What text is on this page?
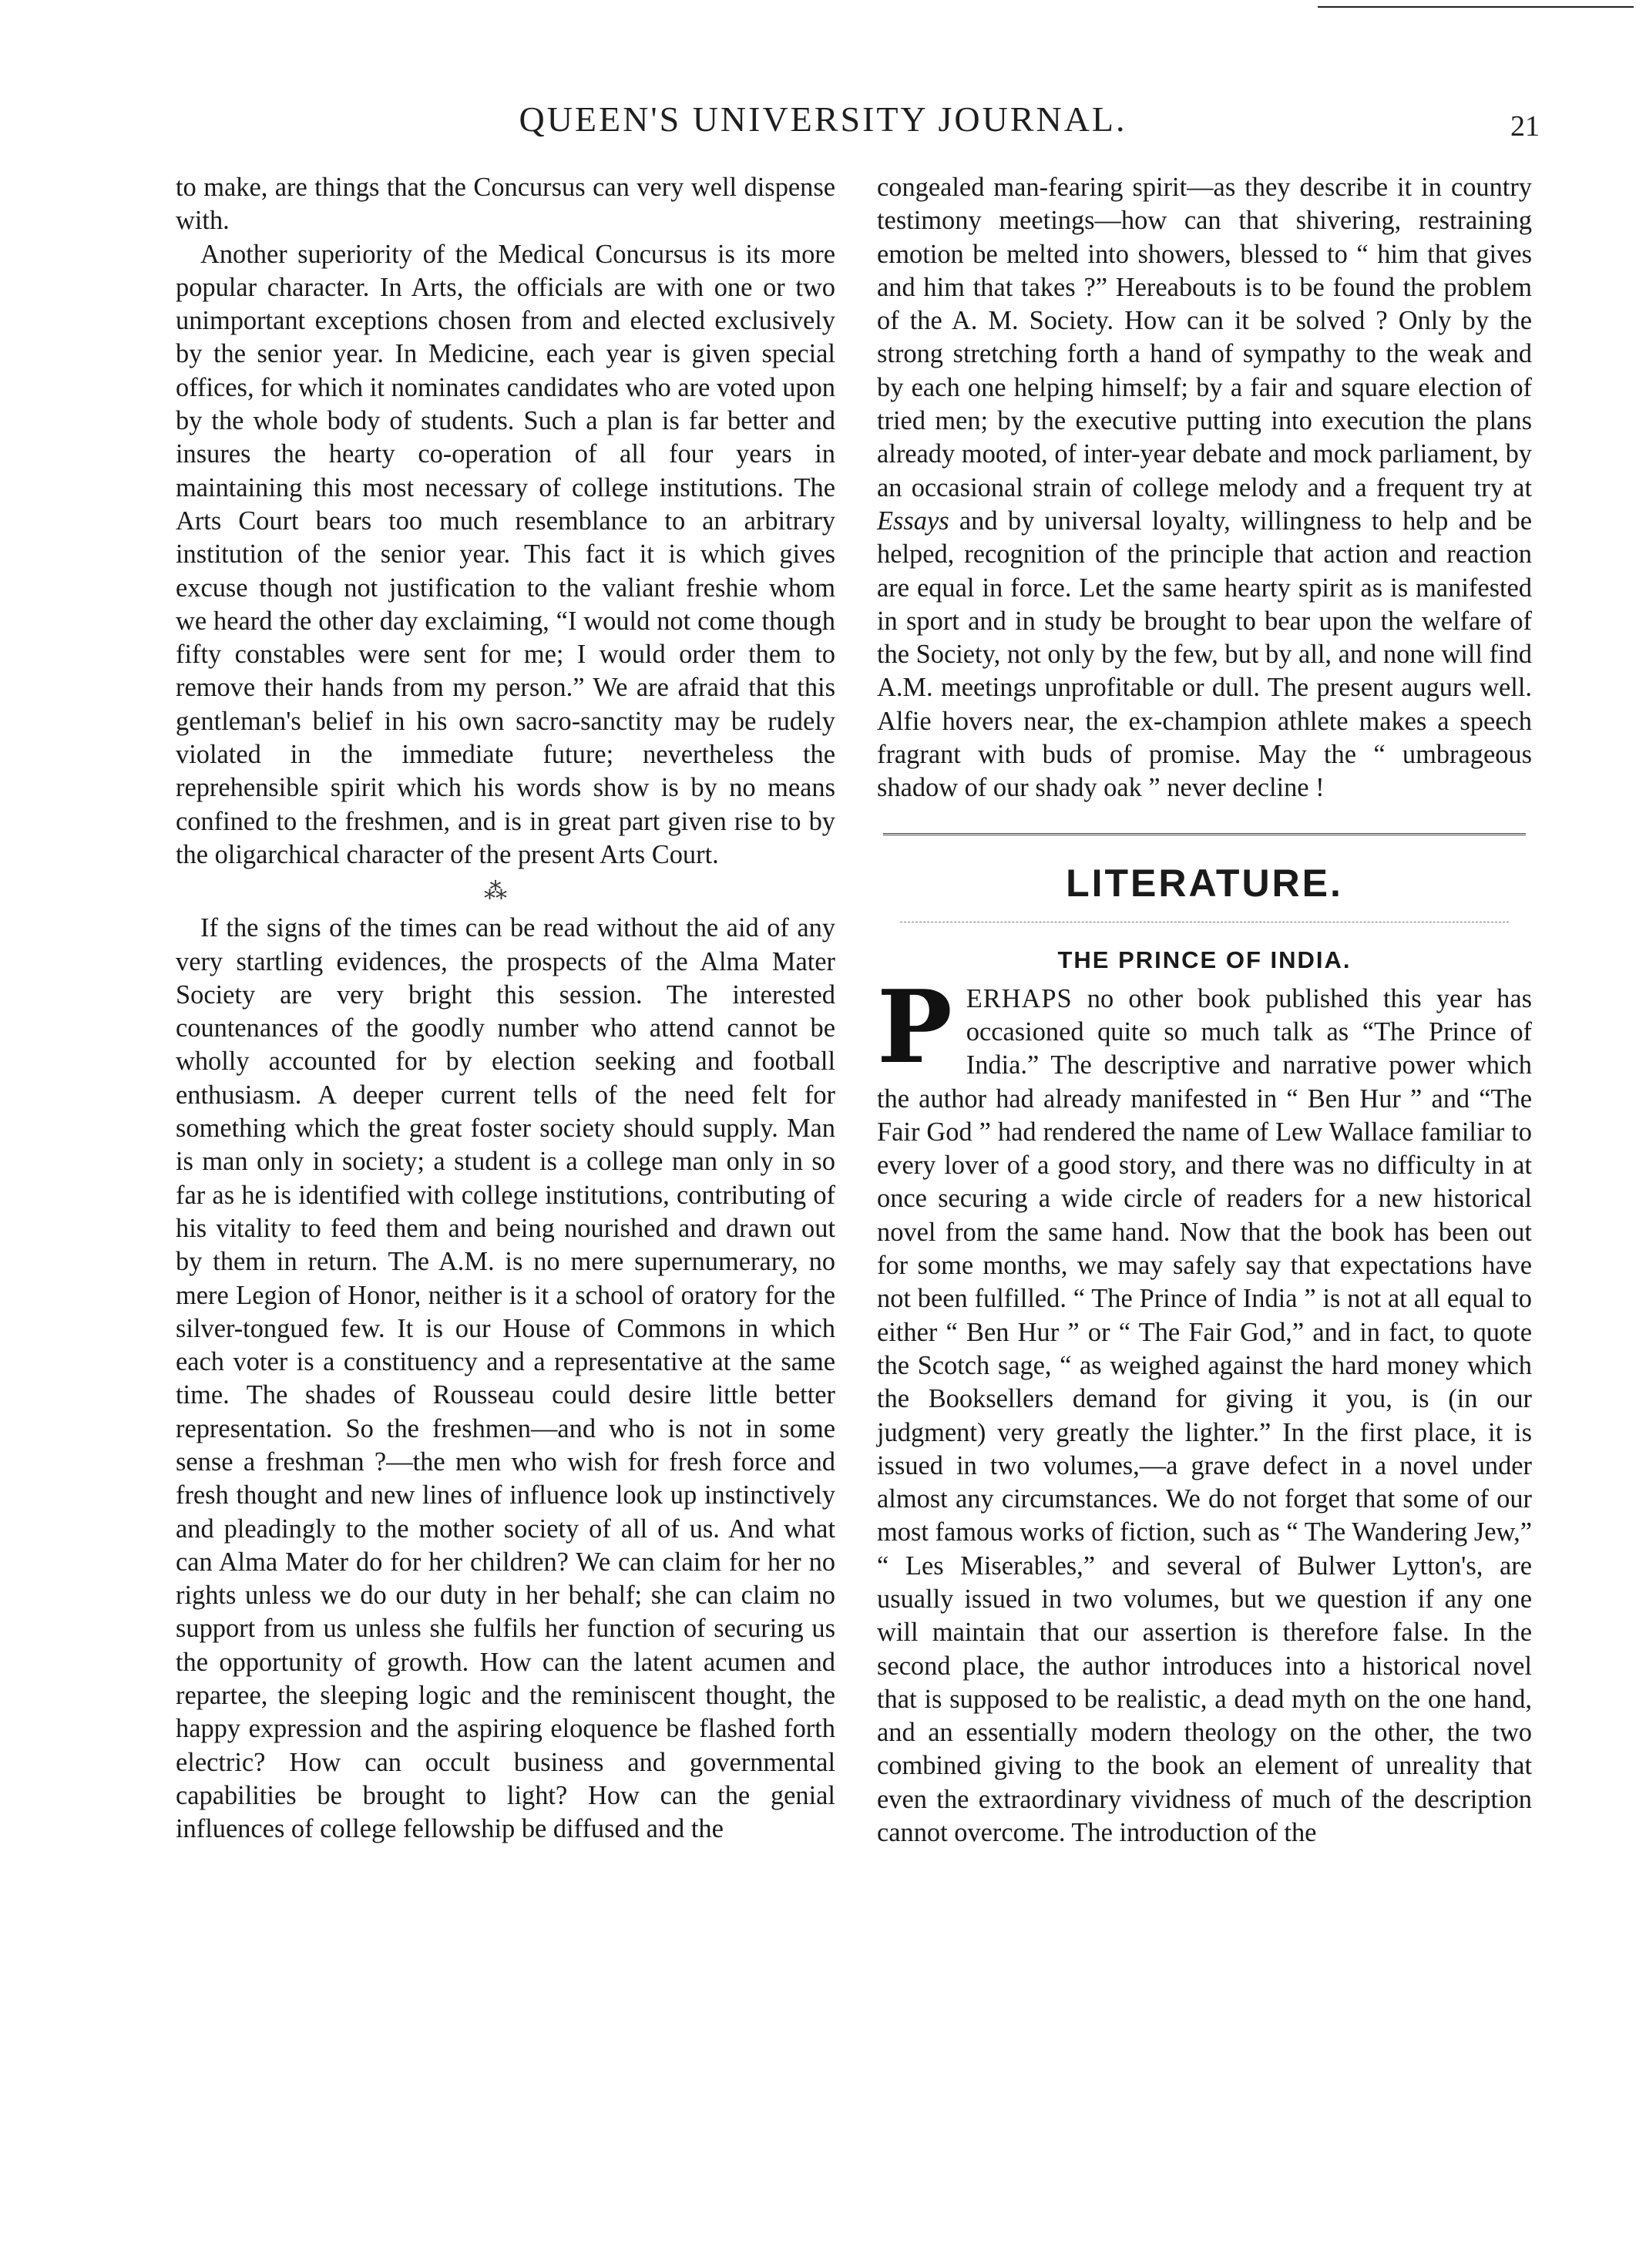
QUEEN'S UNIVERSITY JOURNAL.	21

to make, are things that the Concursus can very well dispense with.

Another superiority of the Medical Concursus is its more popular character. In Arts, the officials are with one or two unimportant exceptions chosen from and elected exclusively by the senior year. In Medicine, each year is given special offices, for which it nominates candidates who are voted upon by the whole body of students. Such a plan is far better and insures the hearty co-operation of all four years in maintaining this most necessary of college institutions. The Arts Court bears too much resemblance to an arbitrary institution of the senior year. This fact it is which gives excuse though not justification to the valiant freshie whom we heard the other day exclaiming, “I would not come though fifty constables were sent for me; I would order them to remove their hands from my person.” We are afraid that this gentleman's belief in his own sacro-sanctity may be rudely violated in the immediate future; nevertheless the reprehensible spirit which his words show is by no means confined to the freshmen, and is in great part given rise to by the oligarchical character of the present Arts Court.

⁂

If the signs of the times can be read without the aid of any very startling evidences, the prospects of the Alma Mater Society are very bright this session. The interested countenances of the goodly number who attend cannot be wholly accounted for by election seeking and football enthusiasm. A deeper current tells of the need felt for something which the great foster society should supply. Man is man only in society; a student is a college man only in so far as he is identified with college institutions, contributing of his vitality to feed them and being nourished and drawn out by them in return. The A.M. is no mere supernumerary, no mere Legion of Honor, neither is it a school of oratory for the silver-tongued few. It is our House of Commons in which each voter is a constituency and a representative at the same time. The shades of Rousseau could desire little better representation. So the freshmen—and who is not in some sense a freshman ?—the men who wish for fresh force and fresh thought and new lines of influence look up instinctively and pleadingly to the mother society of all of us. And what can Alma Mater do for her children? We can claim for her no rights unless we do our duty in her behalf; she can claim no support from us unless she fulfils her function of securing us the opportunity of growth. How can the latent acumen and repartee, the sleeping logic and the reminiscent thought, the happy expression and the aspiring eloquence be flashed forth electric? How can occult business and governmental capabilities be brought to light? How can the genial influences of college fellowship be diffused and the

congealed man-fearing spirit—as they describe it in country testimony meetings—how can that shivering, restraining emotion be melted into showers, blessed to “ him that gives and him that takes ?” Hereabouts is to be found the problem of the A. M. Society. How can it be solved ? Only by the strong stretching forth a hand of sympathy to the weak and by each one helping himself; by a fair and square election of tried men; by the executive putting into execution the plans already mooted, of inter-year debate and mock parliament, by an occasional strain of college melody and a frequent try at Essays and by universal loyalty, willingness to help and be helped, recognition of the principle that action and reaction are equal in force. Let the same hearty spirit as is manifested in sport and in study be brought to bear upon the welfare of the Society, not only by the few, but by all, and none will find A.M. meetings unprofitable or dull. The present augurs well. Alfie hovers near, the ex-champion athlete makes a speech fragrant with buds of promise. May the “ umbrageous shadow of our shady oak ” never decline !

LITERATURE.
THE PRINCE OF INDIA.

PERHAPS no other book published this year has occasioned quite so much talk as “The Prince of India.” The descriptive and narrative power which the author had already manifested in “ Ben Hur ” and “The Fair God ” had rendered the name of Lew Wallace familiar to every lover of a good story, and there was no difficulty in at once securing a wide circle of readers for a new historical novel from the same hand. Now that the book has been out for some months, we may safely say that expectations have not been fulfilled. “ The Prince of India ” is not at all equal to either “ Ben Hur ” or “ The Fair God,” and in fact, to quote the Scotch sage, “ as weighed against the hard money which the Booksellers demand for giving it you, is (in our judgment) very greatly the lighter.” In the first place, it is issued in two volumes,—a grave defect in a novel under almost any circumstances. We do not forget that some of our most famous works of fiction, such as “ The Wandering Jew,” “ Les Miserables,” and several of Bulwer Lytton's, are usually issued in two volumes, but we question if any one will maintain that our assertion is therefore false. In the second place, the author introduces into a historical novel that is supposed to be realistic, a dead myth on the one hand, and an essentially modern theology on the other, the two combined giving to the book an element of unreality that even the extraordinary vividness of much of the description cannot overcome. The introduction of the
